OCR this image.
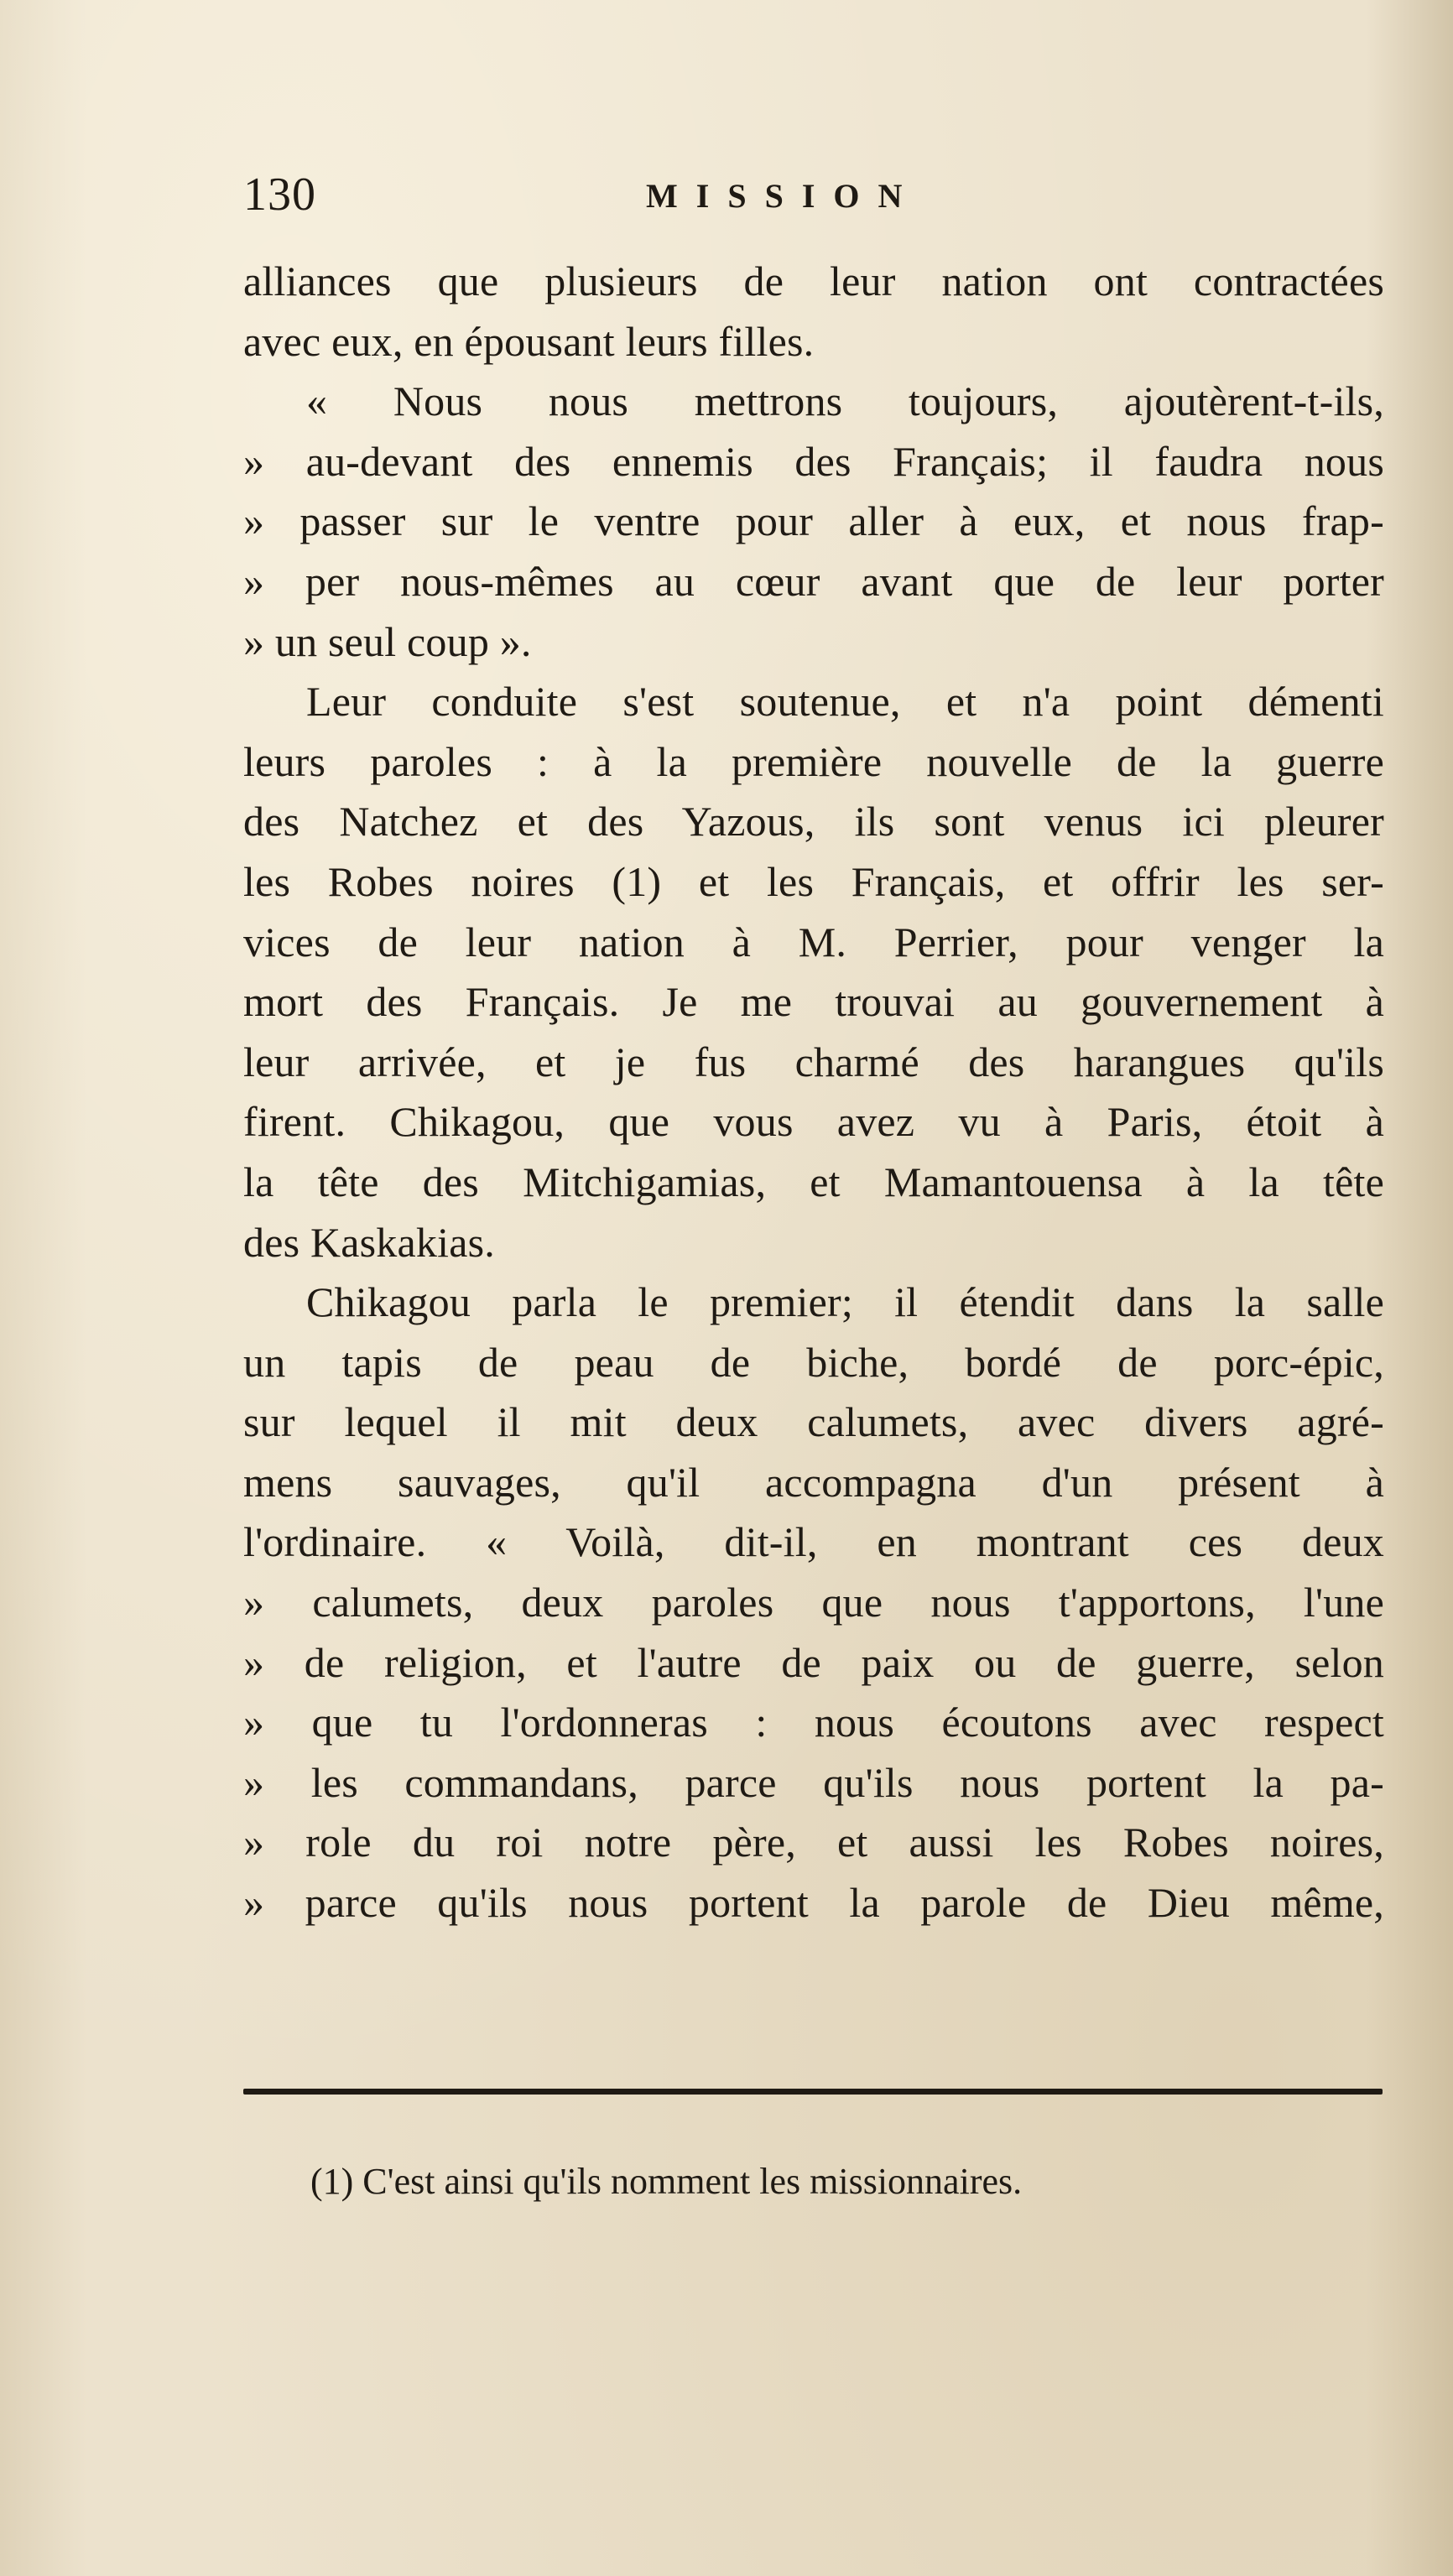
130	MISSION
alliances que plusieurs de leur nation ont contractées
avec eux, en épousant leurs filles.
« Nous nous mettrons toujours, ajoutèrent-t-ils,
» au-devant des ennemis des Français; il faudra nous
» passer sur le ventre pour aller à eux, et nous frap-
» per nous-mêmes au cœur avant que de leur porter
» un seul coup ».
Leur conduite s'est soutenue, et n'a point démenti
leurs paroles : à la première nouvelle de la guerre
des Natchez et des Yazous, ils sont venus ici pleurer
les Robes noires (1) et les Français, et offrir les ser-
vices de leur nation à M. Perrier, pour venger la
mort des Français. Je me trouvai au gouvernement à
leur arrivée, et je fus charmé des harangues qu'ils
firent. Chikagou, que vous avez vu à Paris, étoit à
la tête des Mitchigamias, et Mamantouensa à la tête
des Kaskakias.
Chikagou parla le premier; il étendit dans la salle
un tapis de peau de biche, bordé de porc-épic,
sur lequel il mit deux calumets, avec divers agré-
mens sauvages, qu'il accompagna d'un présent à
l'ordinaire. « Voilà, dit-il, en montrant ces deux
» calumets, deux paroles que nous t'apportons, l'une
» de religion, et l'autre de paix ou de guerre, selon
» que tu l'ordonneras : nous écoutons avec respect
» les commandans, parce qu'ils nous portent la pa-
» role du roi notre père, et aussi les Robes noires,
» parce qu'ils nous portent la parole de Dieu même,
(1) C'est ainsi qu'ils nomment les missionnaires.
